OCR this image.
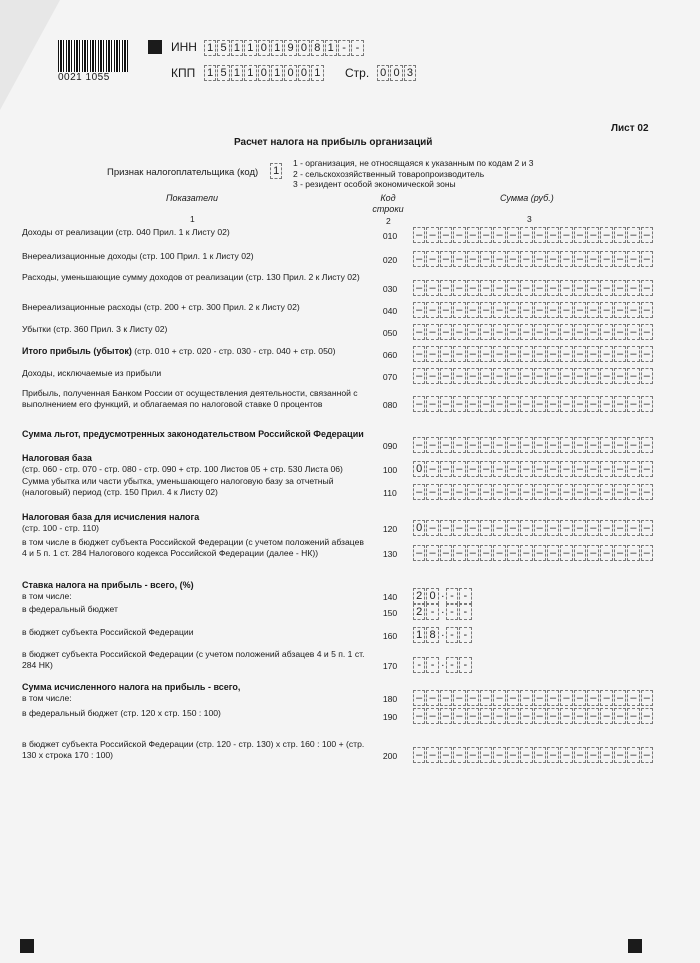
0021 1055
ИНН 1 5 1 1 0 1 9 0 8 1 - -
КПП 1 5 1 1 0 1 0 0 1 Стр. 0 0 3
Лист 02
Расчет налога на прибыль организаций
Признак налогоплательщика (код) 1
1 - организация, не относящаяся к указанным по кодам 2 и 3
2 - сельскохозяйственный товаропроизводитель
3 - резидент особой экономической зоны
Показатели	Код строки
Сумма (руб.)
1	2	3
Доходы от реализации (стр. 040 Прил. 1 к Листу 02)	010	– – – – – – – – – – – – – – – – – –
Внереализационные доходы (стр. 100 Прил. 1 к Листу 02)	020	– – – – – – – – – – – – – – – – – –
Расходы, уменьшающие сумму доходов от реализации (стр. 130 Прил. 2 к Листу 02)
030	– – – – – – – – – – – – – – – – – –
Внереализационные расходы (стр. 200 + стр. 300 Прил. 2 к Листу 02)	040	– – – – – – – – – – – – – – – – – –
Убытки (стр. 360 Прил. 3 к Листу 02)	050	– – – – – – – – – – – – – – – – – –
Итого прибыль (убыток) (стр. 010 + стр. 020 - стр. 030 - стр. 040 + стр. 050)	060	– – – – – – – – – – – – – – – – – –
Доходы, исключаемые из прибыли	070	– – – – – – – – – – – – – – – – – –
Прибыль, полученная Банком России от осуществления деятельности, связанной с выполнением его функций, и облагаемая по налоговой ставке 0 процентов	080	– – – – – – – – – – – – – – – – – –
Сумма льгот, предусмотренных законодательством Российской Федерации
090	– – – – – – – – – – – – – – – – – –
Налоговая база
(стр. 060 - стр. 070 - стр. 080 - стр. 090 + стр. 100 Листов 05 + стр. 530 Листа 06)	100	0 – – – – – – – – – – – – – – – – –
Сумма убытка или части убытка, уменьшающего налоговую базу за отчетный (налоговый) период (стр. 150 Прил. 4 к Листу 02)	110	– – – – – – – – – – – – – – – – – –
Налоговая база для исчисления налога
(стр. 100 - стр. 110)	120	0 – – – – – – – – – – – – – – – – –
в том числе в бюджет субъекта Российской Федерации (с учетом положений абзацев 4 и 5 п. 1 ст. 284 Налогового кодекса Российской Федерации (далее - НК))	130	– – – – – – – – – – – – – – – – – –
Ставка налога на прибыль - всего, (%)
в том числе:	140	2 0 . - -
в федеральный бюджет	150	2 - . - -
в бюджет субъекта Российской Федерации	160	1 8 . - -
в бюджет субъекта Российской Федерации (с учетом положений абзацев 4 и 5 п. 1 ст. 284 НК)	170	- - . - -
Сумма исчисленного налога на прибыль - всего,
в том числе:	180	– – – – – – – – – – – – – – – – – –
в федеральный бюджет (стр. 120 x стр. 150 : 100)	190	– – – – – – – – – – – – – – – – – –
в бюджет субъекта Российской Федерации (стр. 120 - стр. 130) x стр. 160 : 100 + (стр. 130 x строка 170 : 100)	200	– – – – – – – – – – – – – – – – – –
